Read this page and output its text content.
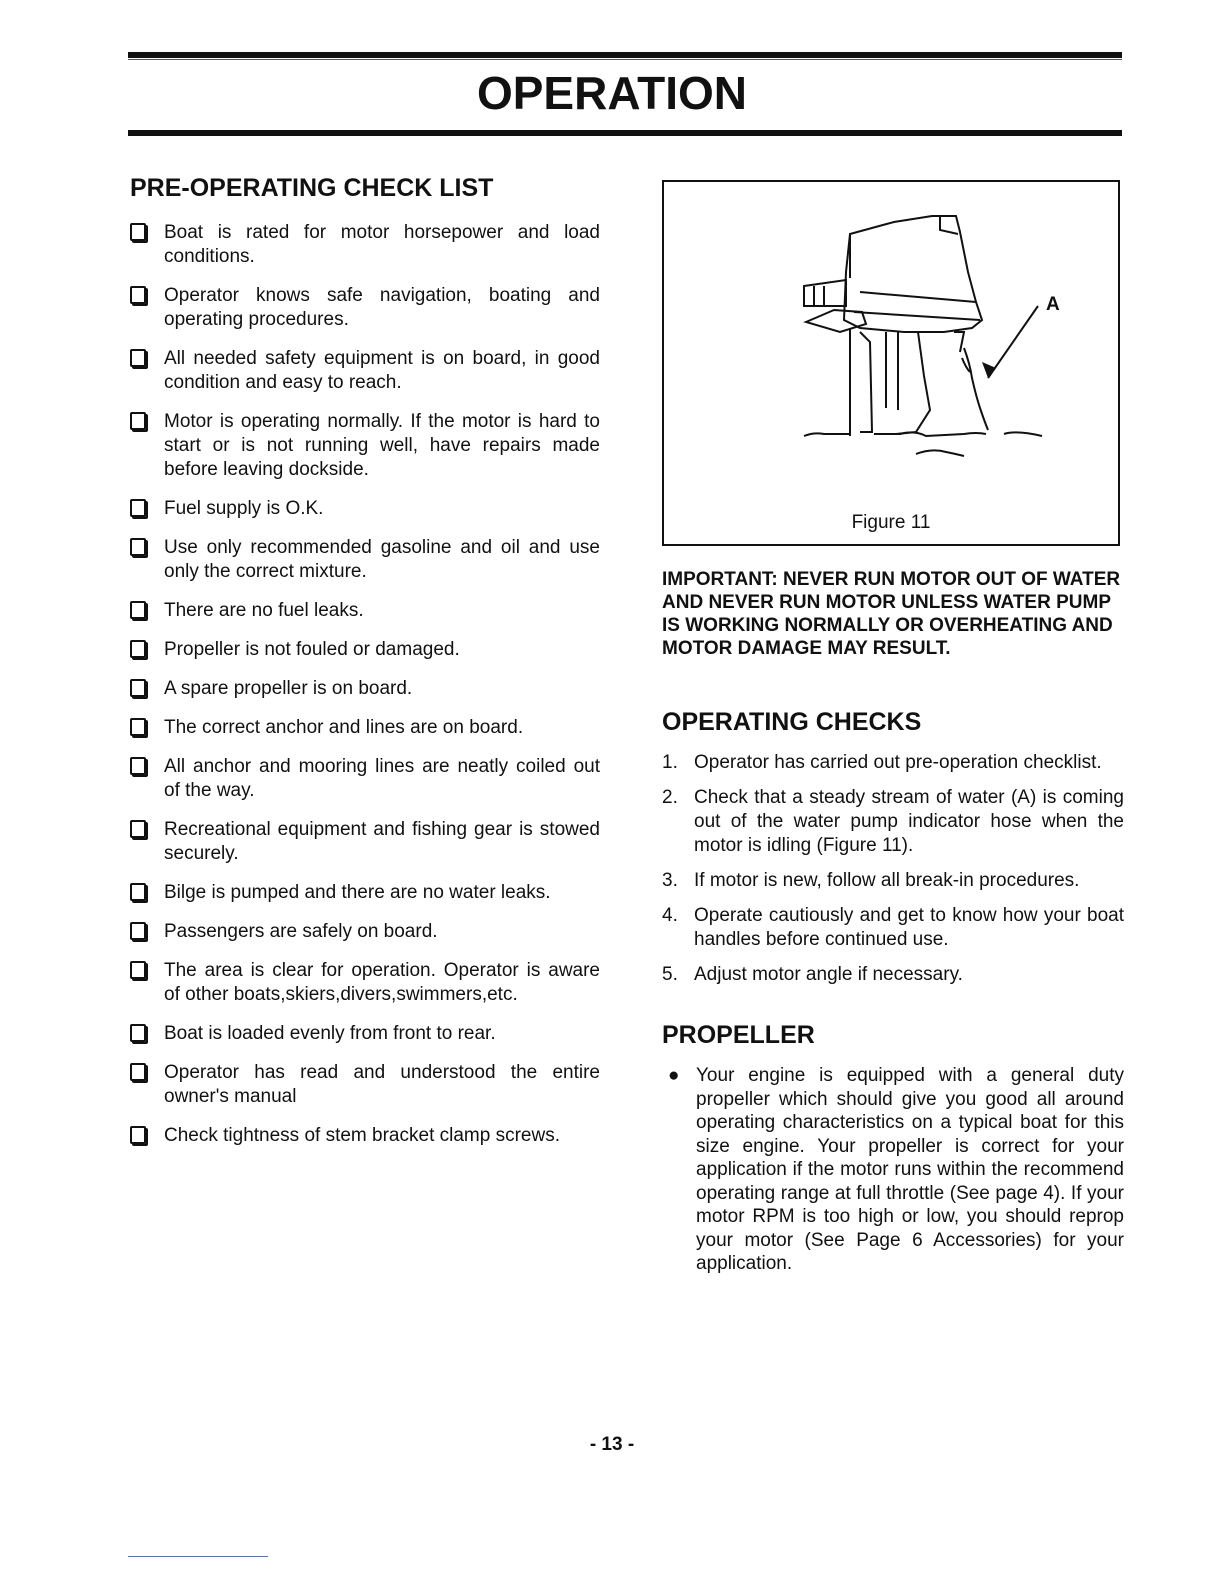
OPERATION
PRE-OPERATING CHECK LIST
Boat is rated for motor horsepower and load conditions.
Operator knows safe navigation, boating and operating procedures.
All needed safety equipment is on board, in good condition and easy to reach.
Motor is operating normally. If the motor is hard to start or is not running well, have repairs made before leaving dockside.
Fuel supply is O.K.
Use only recommended gasoline and oil and use only the correct mixture.
There are no fuel leaks.
Propeller is not fouled or damaged.
A spare propeller is on board.
The correct anchor and lines are on board.
All anchor and mooring lines are neatly coiled out of the way.
Recreational equipment and fishing gear is stowed securely.
Bilge is pumped and there are no water leaks.
Passengers are safely on board.
The area is clear for operation. Operator is aware of other boats,skiers,divers,swimmers,etc.
Boat is loaded evenly from front to rear.
Operator has read and understood the entire owner's manual
Check tightness of stem bracket clamp screws.
A
Figure 11
IMPORTANT: NEVER RUN MOTOR OUT OF WATER AND NEVER RUN MOTOR UNLESS WATER PUMP IS WORKING NORMALLY OR OVERHEATING AND MOTOR DAMAGE MAY RESULT.
OPERATING CHECKS
1. Operator has carried out pre-operation checklist.
2. Check that a steady stream of water (A) is coming out of the water pump indicator hose when the motor is idling (Figure 11).
3. If motor is new, follow all break-in procedures.
4. Operate cautiously and get to know how your boat handles before continued use.
5. Adjust motor angle if necessary.
PROPELLER
● Your engine is equipped with a general duty propeller which should give you good all around operating characteristics on a typical boat for this size engine. Your propeller is correct for your application if the motor runs within the recommend operating range at full throttle (See page 4). If your motor RPM is too high or low, you should reprop your motor (See Page 6 Accessories) for your application.
- 13 -
